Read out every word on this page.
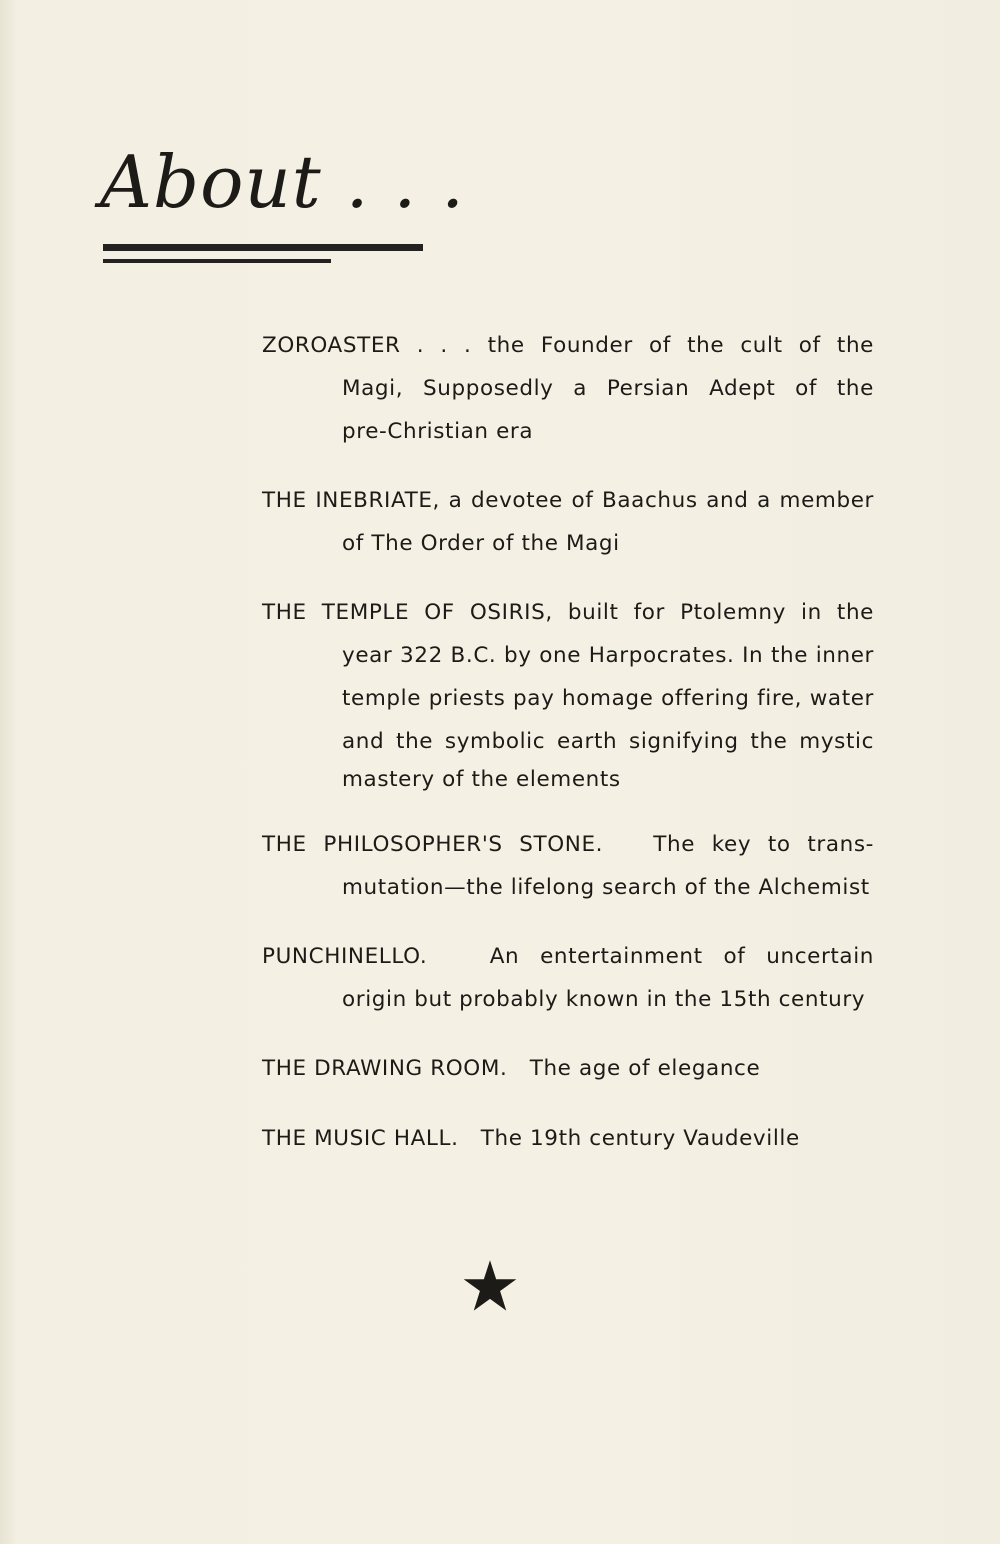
About . . .
ZOROASTER . . . the Founder of the cult of the
Magi, Supposedly a Persian Adept of the
pre-Christian era
THE INEBRIATE, a devotee of Baachus and a member
of The Order of the Magi
THE TEMPLE OF OSIRIS, built for Ptolemny in the
year 322 B.C. by one Harpocrates. In the inner
temple priests pay homage offering fire, water
and the symbolic earth signifying the mystic
mastery of the elements
THE PHILOSOPHER'S STONE.   The key to trans-
mutation—the lifelong search of the Alchemist
PUNCHINELLO.   An entertainment of uncertain
origin but probably known in the 15th century
THE DRAWING ROOM.   The age of elegance
THE MUSIC HALL.   The 19th century Vaudeville
